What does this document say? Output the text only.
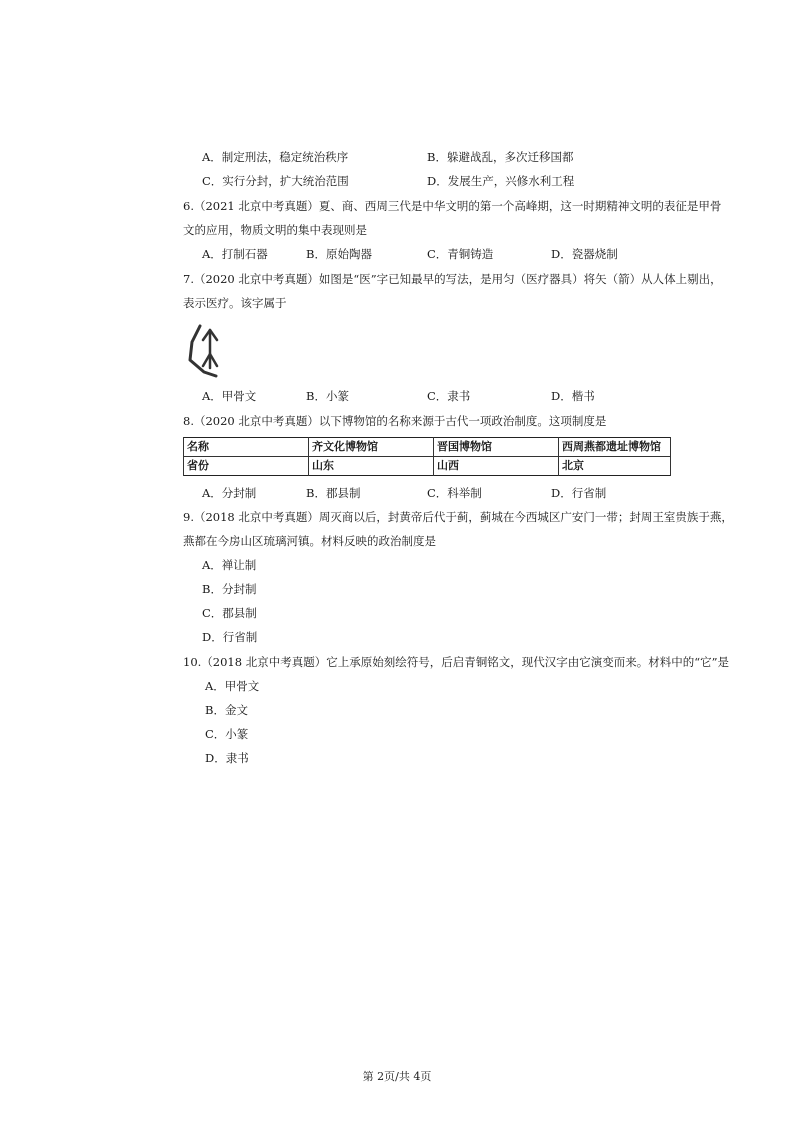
A．制定刑法，稳定统治秩序	B．躲避战乱，多次迁移国都
C．实行分封，扩大统治范围	D．发展生产，兴修水利工程
6.（2021 北京中考真题）夏、商、西周三代是中华文明的第一个高峰期，这一时期精神文明的表征是甲骨
文的应用，物质文明的集中表现则是
A．打制石器	B．原始陶器	C．青铜铸造	D．瓷器烧制
7.（2020 北京中考真题）如图是“医”字已知最早的写法，是用匀（医疗器具）将矢（箭）从人体上剔出，
表示医疗。该字属于
A．甲骨文	B．小篆	C．隶书	D．楷书
8.（2020 北京中考真题）以下博物馆的名称来源于古代一项政治制度。这项制度是
名称	齐文化博物馆	晋国博物馆	西周燕都遗址博物馆
省份	山东	山西	北京
A．分封制	B．郡县制	C．科举制	D．行省制
9.（2018 北京中考真题）周灭商以后，封黄帝后代于蓟，蓟城在今西城区广安门一带；封周王室贵族于燕，
燕都在今房山区琉璃河镇。材料反映的政治制度是
A．禅让制
B．分封制
C．郡县制
D．行省制
10.（2018 北京中考真题）它上承原始刻绘符号，后启青铜铭文，现代汉字由它演变而来。材料中的“它”是
A．甲骨文
B．金文
C．小篆
D．隶书
第 2页/共 4页
